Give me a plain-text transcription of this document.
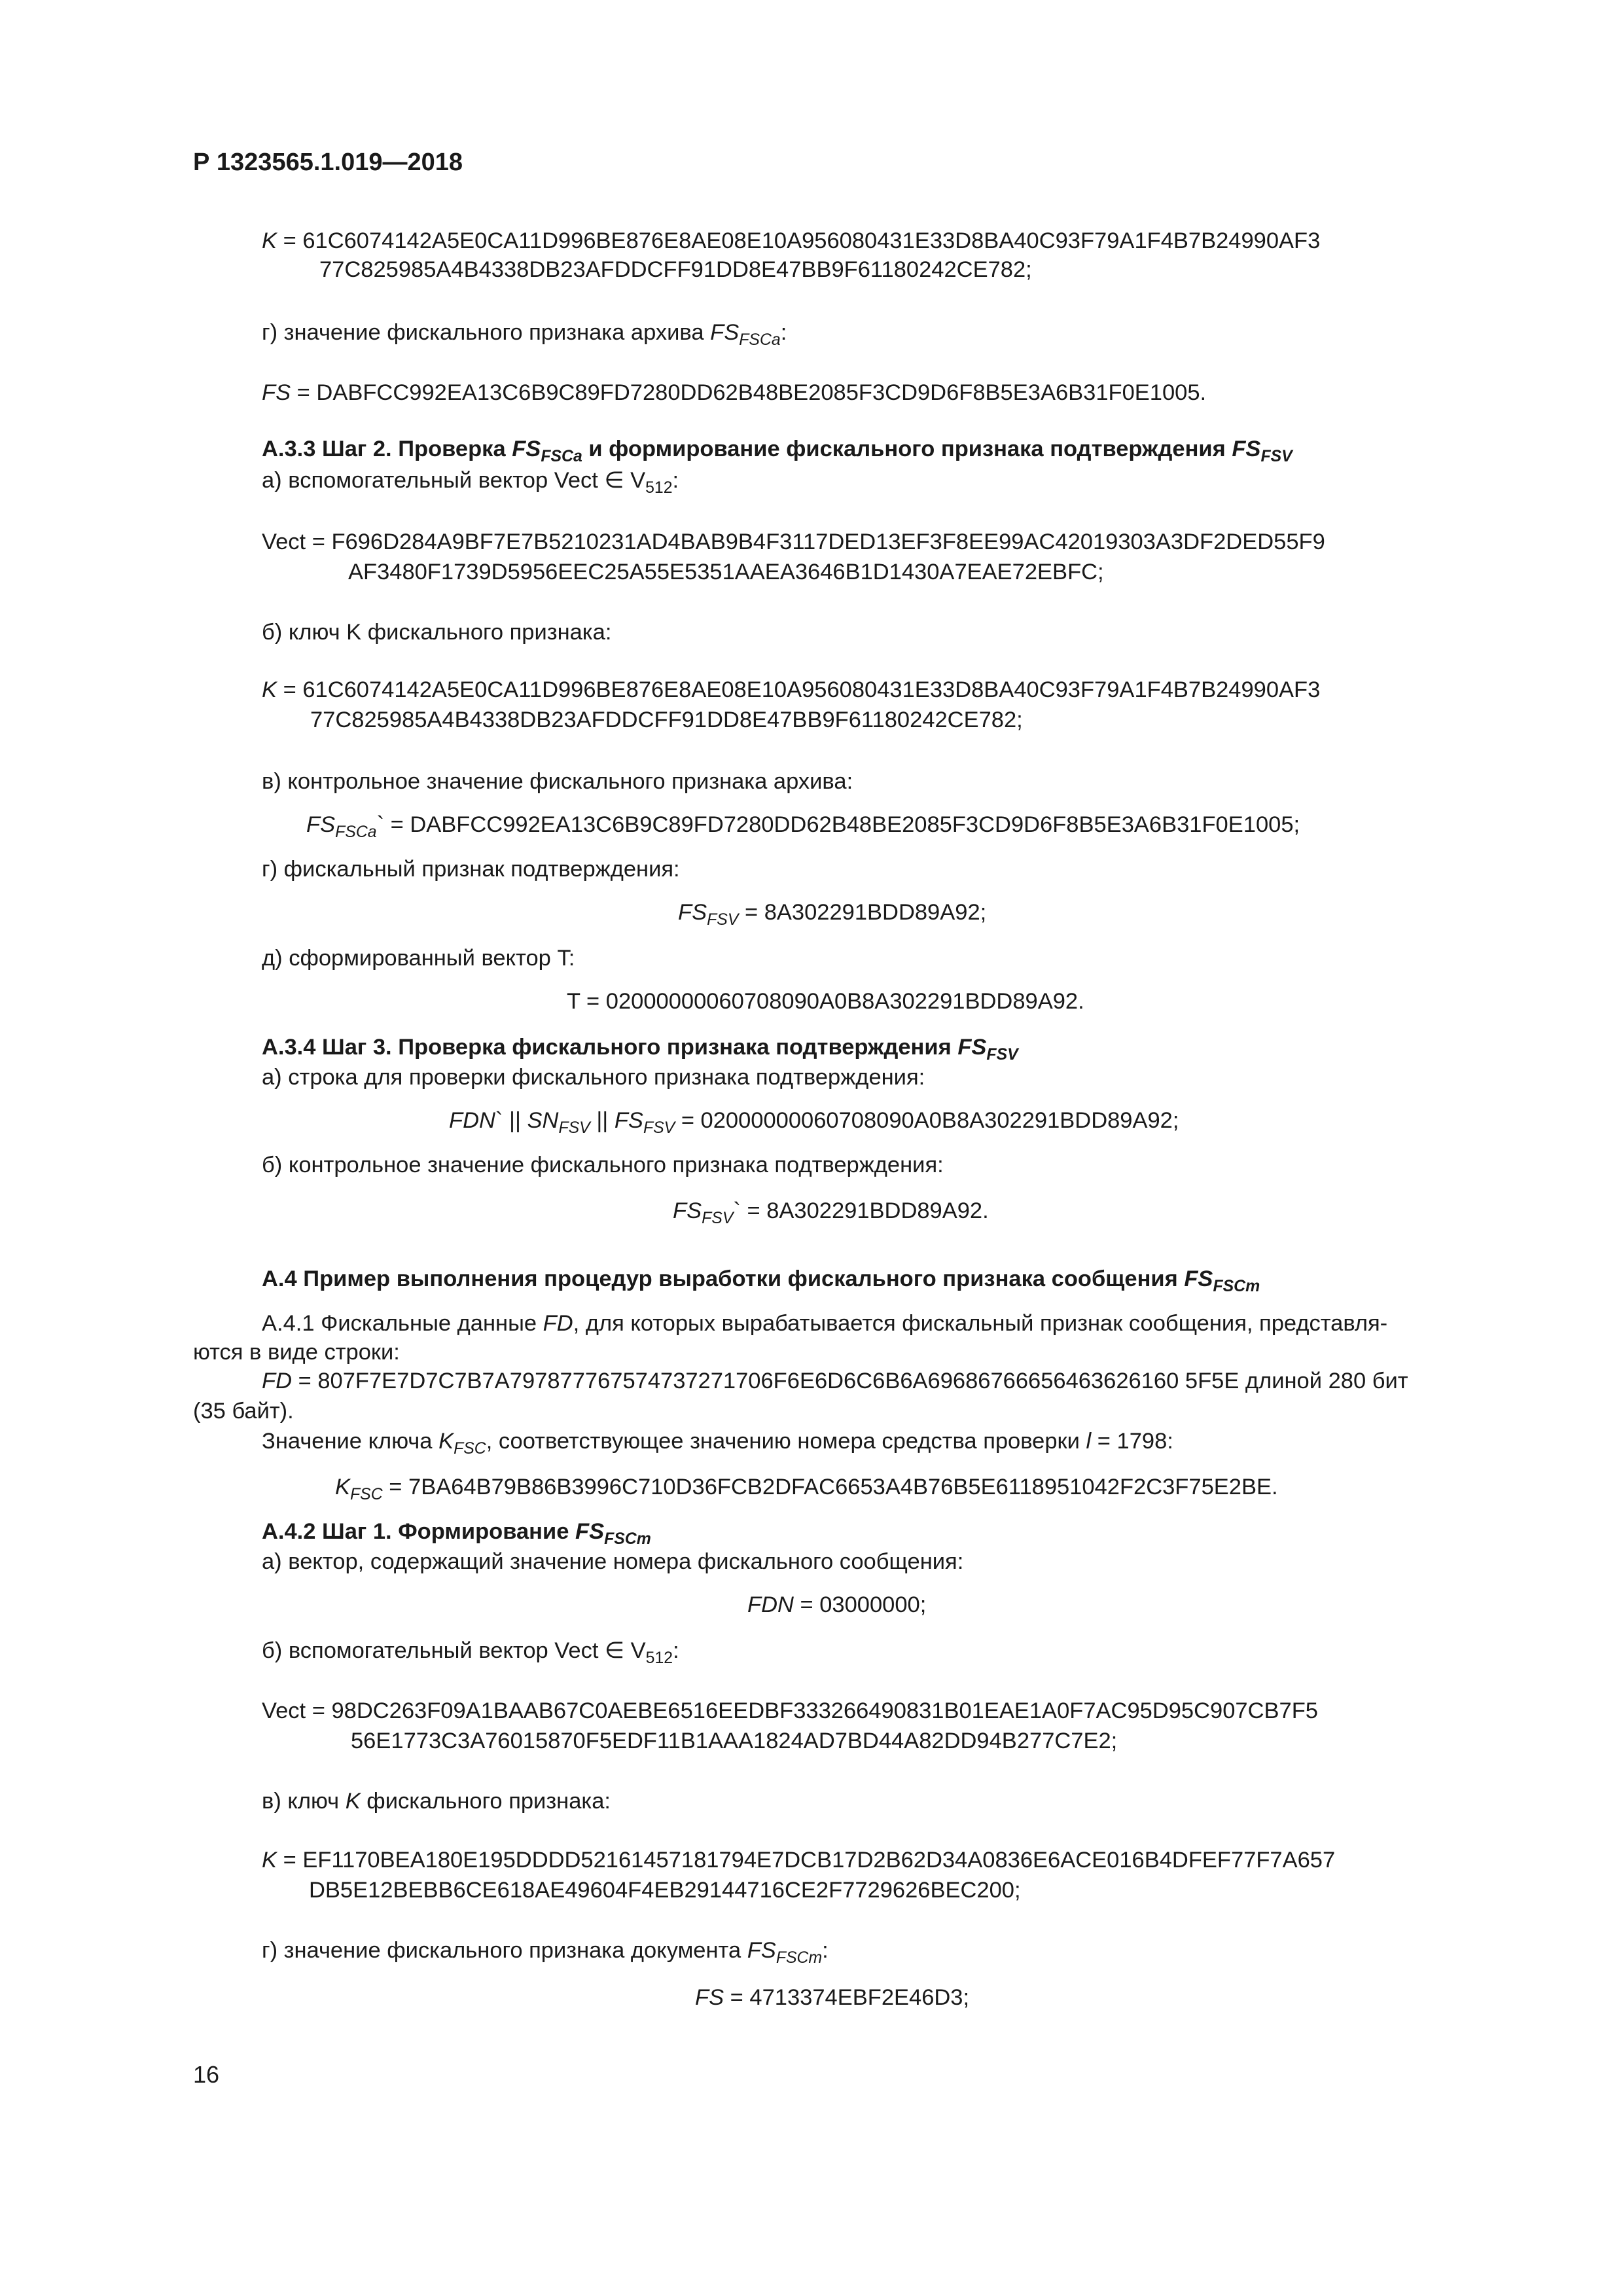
Р 1323565.1.019—2018
K = 61C6074142A5E0CA11D996BE876E8AE08E10A956080431E33D8BA40C93F79A1F4B7B24990AF3
77C825985A4B4338DB23AFDDCFF91DD8E47BB9F61180242CE782;
г) значение фискального признака архива $FS_{FSCa}$:
FS = DABFCC992EA13C6B9C89FD7280DD62B48BE2085F3CD9D6F8B5E3A6B31F0E1005.
А.3.3 Шаг 2. Проверка $FS_{FSCa}$ и формирование фискального признака подтверждения $FS_{FSV}$
а) вспомогательный вектор Vect ∈ $V_{512}$:
Vect = F696D284A9BF7E7B5210231AD4BAB9B4F3117DED13EF3F8EE99AC42019303A3DF2DED55F9
AF3480F1739D5956EEC25A55E5351AAEA3646B1D1430A7EAE72EBFC;
б) ключ K фискального признака:
K = 61C6074142A5E0CA11D996BE876E8AE08E10A956080431E33D8BA40C93F79A1F4B7B24990AF3
77C825985A4B4338DB23AFDDCFF91DD8E47BB9F61180242CE782;
в) контрольное значение фискального признака архива:
$FS_{FSCa}`$ = DABFCC992EA13C6B9C89FD7280DD62B48BE2085F3CD9D6F8B5E3A6B31F0E1005;
г) фискальный признак подтверждения:
$FS_{FSV} = 8A302291BDD89A92$;
д) сформированный вектор T:
T = 02000000060708090A0B8A302291BDD89A92.
А.3.4 Шаг 3. Проверка фискального признака подтверждения $FS_{FSV}$
а) строка для проверки фискального признака подтверждения:
FDN` || $SN_{FSV}$ || $FS_{FSV} = 02000000060708090A0B8A302291BDD89A92$;
б) контрольное значение фискального признака подтверждения:
$FS_{FSV}` = 8A302291BDD89A92$.
А.4 Пример выполнения процедур выработки фискального признака сообщения $FS_{FSCm}$
А.4.1 Фискальные данные FD, для которых вырабатывается фискальный признак сообщения, представля-
ются в виде строки:
FD = 807F7E7D7C7B7A797877767574737271706F6E6D6C6B6A69686766656463626160 5F5E длиной 280 бит
(35 байт).
Значение ключа $K_{FSC}$, соответствующее значению номера средства проверки l = 1798:
$K_{FSC}$ = 7BA64B79B86B3996C710D36FCB2DFAC6653A4B76B5E6118951042F2C3F75E2BE.
А.4.2 Шаг 1. Формирование $FS_{FSCm}$
а) вектор, содержащий значение номера фискального сообщения:
FDN = 03000000;
б) вспомогательный вектор Vect ∈ $V_{512}$:
Vect = 98DC263F09A1BAAB67C0AEBE6516EEDBF333266490831B01EAE1A0F7AC95D95C907CB7F5
56E1773C3A76015870F5EDF11B1AAA1824AD7BD44A82DD94B277C7E2;
в) ключ K фискального признака:
K = EF1170BEA180E195DDDD52161457181794E7DCB17D2B62D34A0836E6ACE016B4DFEF77F7A657
DB5E12BEBB6CE618AE49604F4EB29144716CE2F7729626BEC200;
г) значение фискального признака документа $FS_{FSCm}$:
FS = 4713374EBF2E46D3;
16
